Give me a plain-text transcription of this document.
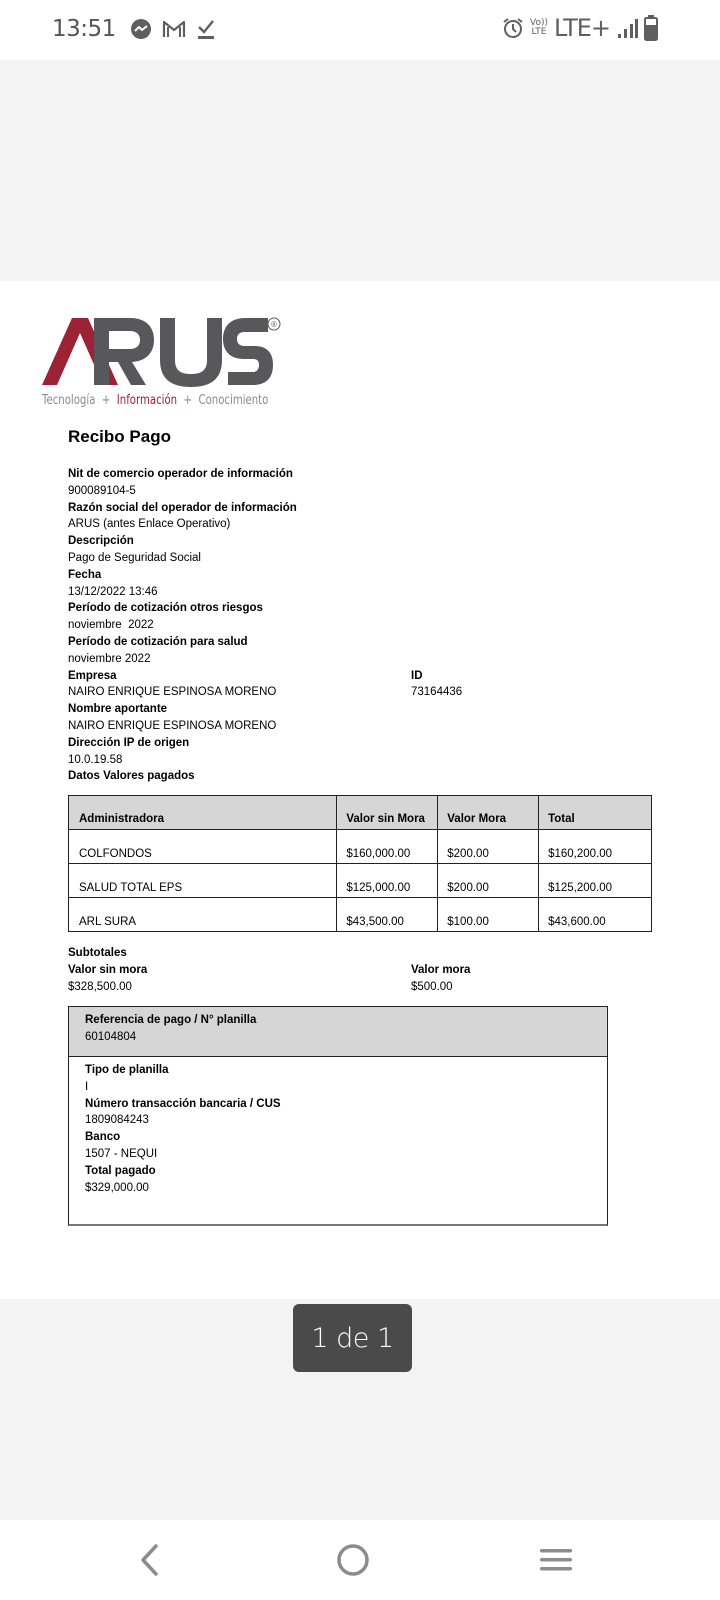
13:51	Vo))
LTE LTE+
®
Tecnología + Información + Conocimiento
Recibo Pago
Nit de comercio operador de información
900089104-5
Razón social del operador de información
ARUS (antes Enlace Operativo)
Descripción
Pago de Seguridad Social
Fecha
13/12/2022 13:46
Período de cotización otros riesgos
noviembre  2022
Período de cotización para salud
noviembre 2022
Empresa
NAIRO ENRIQUE ESPINOSA MORENO
ID
73164436
Nombre aportante
NAIRO ENRIQUE ESPINOSA MORENO
Dirección IP de origen
10.0.19.58
Datos Valores pagados
Administradora	Valor sin Mora	Valor Mora	Total
COLFONDOS	$160,000.00	$200.00	$160,200.00
SALUD TOTAL EPS	$125,000.00	$200.00	$125,200.00
ARL SURA	$43,500.00	$100.00	$43,600.00
Subtotales
Valor sin mora
$328,500.00
Valor mora
$500.00
Referencia de pago / N° planilla
60104804
Tipo de planilla
I
Número transacción bancaria / CUS
1809084243
Banco
1507 - NEQUI
Total pagado
$329,000.00
1 de 1
